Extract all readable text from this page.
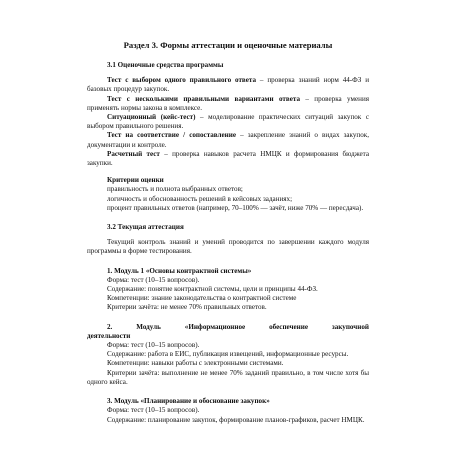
Раздел 3. Формы аттестации и оценочные материалы
3.1 Оценочные средства программы

Тест с выбором одного правильного ответа – проверка знаний норм 44-ФЗ и базовых процедур закупок.

Тест с несколькими правильными вариантами ответа – проверка умения применять нормы закона в комплексе.

Ситуационный (кейс-тест) – моделирование практических ситуаций закупок с выбором правильного решения.

Тест на соответствие / сопоставление – закрепление знаний о видах закупок, документации и контроле.

Расчетный тест – проверка навыков расчета НМЦК и формирования бюджета закупки.

Критерии оценки

правильность и полнота выбранных ответов;

логичность и обоснованность решений в кейсовых заданиях;

процент правильных ответов (например, 70–100% — зачёт, ниже 70% — пересдача).

3.2 Текущая аттестация

Текущий контроль знаний и умений проводится по завершении каждого модуля программы в форме тестирования.

1. Модуль 1 «Основы контрактной системы»

Форма: тест (10–15 вопросов).

Содержание: понятие контрактной системы, цели и принципы 44-ФЗ.

Компетенции: знание законодательства о контрактной системе

Критерии зачёта: не менее 70% правильных ответов.

2.	Модуль	«Информационное	обеспечение	закупочной

деятельности

Форма: тест (10–15 вопросов).

Содержание: работа в ЕИС, публикация извещений, информационные ресурсы.

Компетенции: навыки работы с электронными системами.

Критерии зачёта: выполнение не менее 70% заданий правильно, в том числе хотя бы одного кейса.

3. Модуль «Планирование и обоснование закупок»

Форма: тест (10–15 вопросов).

Содержание: планирование закупок, формирование планов-графиков, расчет НМЦК.
